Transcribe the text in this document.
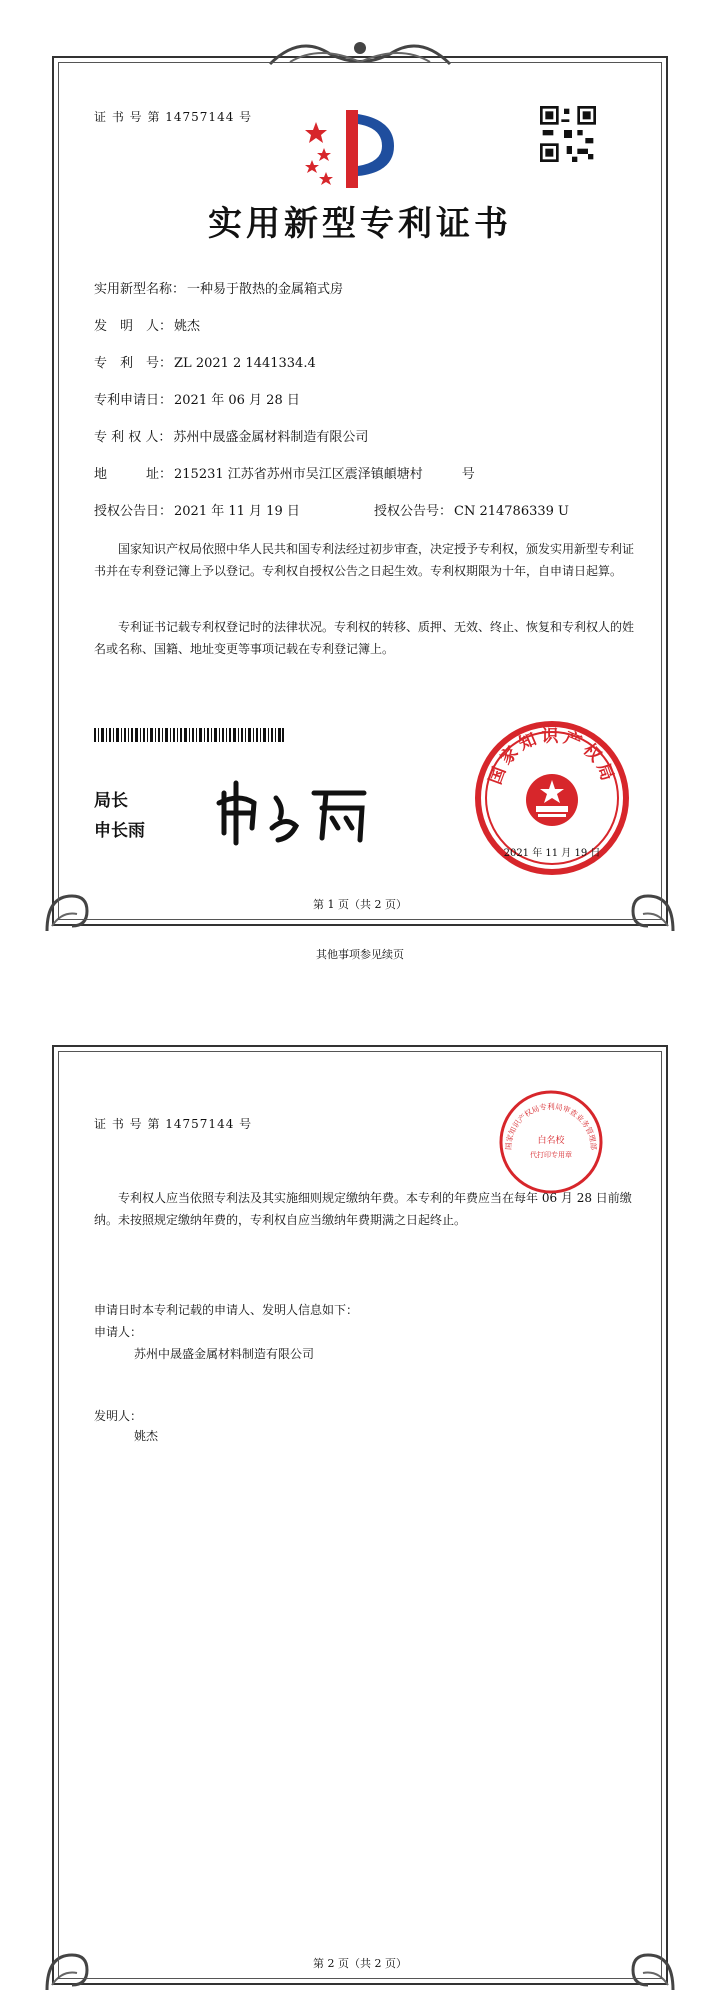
证 书 号 第 14757144 号
实用新型专利证书
实用新型名称： 一种易于散热的金属箱式房
发　明　人： 姚杰
专　利　号： ZL 2021 2 1441334.4
专利申请日： 2021 年 06 月 28 日
专 利 权 人： 苏州中晟盛金属材料制造有限公司
地　　　址： 215231 江苏省苏州市吴江区震泽镇頔塘村　　　号
授权公告日： 2021 年 11 月 19 日	授权公告号： CN 214786339 U
国家知识产权局依照中华人民共和国专利法经过初步审查，决定授予专利权，颁发实用新型专利证书并在专利登记簿上予以登记。专利权自授权公告之日起生效。专利权期限为十年，自申请日起算。
专利证书记载专利权登记时的法律状况。专利权的转移、质押、无效、终止、恢复和专利权人的姓名或名称、国籍、地址变更等事项记载在专利登记簿上。
局长
申长雨
国家知识产权局
2021 年 11 月 19 日
第 1 页（共 2 页）
其他事项参见续页
证 书 号 第 14757144 号
国家知识产权局专利局审查业务管理部
白名校
代打印专用章
专利权人应当依照专利法及其实施细则规定缴纳年费。本专利的年费应当在每年 06 月 28 日前缴纳。未按照规定缴纳年费的，专利权自应当缴纳年费期满之日起终止。
申请日时本专利记载的申请人、发明人信息如下：
申请人：
苏州中晟盛金属材料制造有限公司
发明人：
姚杰
第 2 页（共 2 页）
